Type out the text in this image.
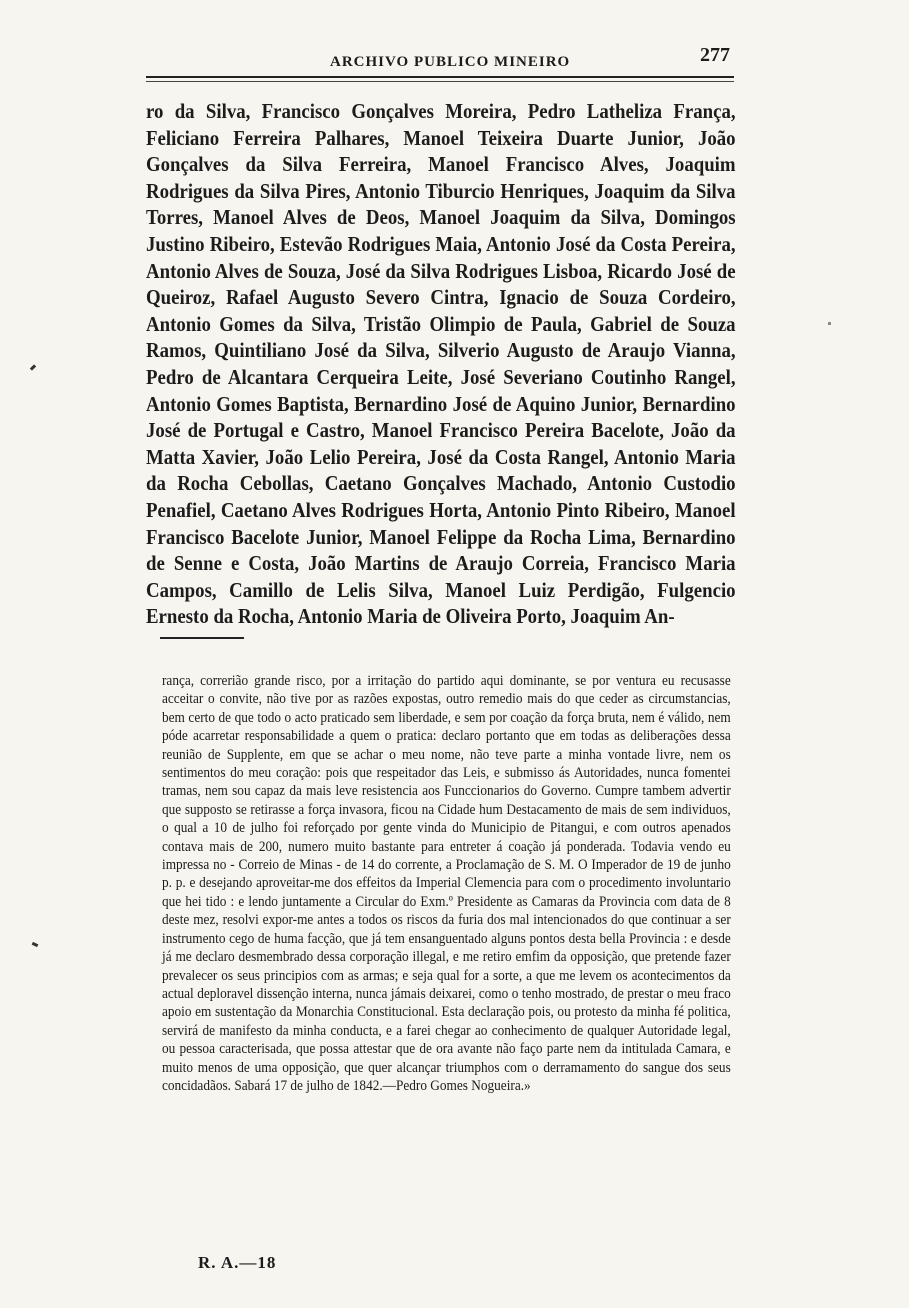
ARCHIVO PUBLICO MINEIRO	277
ro da Silva, Francisco Gonçalves Moreira, Pedro Latheliza França, Feliciano Ferreira Palhares, Manoel Teixeira Duarte Junior, João Gonçalves da Silva Ferreira, Manoel Francisco Alves, Joaquim Rodrigues da Silva Pires, Antonio Tiburcio Henriques, Joaquim da Silva Torres, Manoel Alves de Deos, Manoel Joaquim da Silva, Domingos Justino Ribeiro, Estevão Rodrigues Maia, Antonio José da Costa Pereira, Antonio Alves de Souza, José da Silva Rodrigues Lisboa, Ricardo José de Queiroz, Rafael Augusto Severo Cintra, Ignacio de Souza Cordeiro, Antonio Gomes da Silva, Tristão Olimpio de Paula, Gabriel de Souza Ramos, Quintiliano José da Silva, Silverio Augusto de Araujo Vianna, Pedro de Alcantara Cerqueira Leite, José Severiano Coutinho Rangel, Antonio Gomes Baptista, Bernardino José de Aquino Junior, Bernardino José de Portugal e Castro, Manoel Francisco Pereira Bacelote, João da Matta Xavier, João Lelio Pereira, José da Costa Rangel, Antonio Maria da Rocha Cebollas, Caetano Gonçalves Machado, Antonio Custodio Penafiel, Caetano Alves Rodrigues Horta, Antonio Pinto Ribeiro, Manoel Francisco Bacelote Junior, Manoel Felippe da Rocha Lima, Bernardino de Senne e Costa, João Martins de Araujo Correia, Francisco Maria Campos, Camillo de Lelis Silva, Manoel Luiz Perdigão, Fulgencio Ernesto da Rocha, Antonio Maria de Oliveira Porto, Joaquim An-
rança, correrião grande risco, por a irritação do partido aqui dominante, se por ventura eu recusasse acceitar o convite, não tive por as razões expostas, outro remedio mais do que ceder as circumstancias, bem certo de que todo o acto praticado sem liberdade, e sem por coação da força bruta, nem é válido, nem póde acarretar responsabilidade a quem o pratica: declaro portanto que em todas as deliberações dessa reunião de Supplente, em que se achar o meu nome, não teve parte a minha vontade livre, nem os sentimentos do meu coração: pois que respeitador das Leis, e submisso ás Autoridades, nunca fomentei tramas, nem sou capaz da mais leve resistencia aos Funccionarios do Governo. Cumpre tambem advertir que supposto se retirasse a força invasora, ficou na Cidade hum Destacamento de mais de sem individuos, o qual a 10 de julho foi reforçado por gente vinda do Municipio de Pitangui, e com outros apenados contava mais de 200, numero muito bastante para entreter á coação já ponderada. Todavia vendo eu impressa no - Correio de Minas - de 14 do corrente, a Proclamação de S. M. O Imperador de 19 de junho p. p. e desejando aproveitar-me dos effeitos da Imperial Clemencia para com o procedimento involuntario que hei tido : e lendo juntamente a Circular do Exm.º Presidente as Camaras da Provincia com data de 8 deste mez, resolvi expor-me antes a todos os riscos da furia dos mal intencionados do que continuar a ser instrumento cego de huma facção, que já tem ensanguentado alguns pontos desta bella Provincia : e desde já me declaro desmembrado dessa corporação illegal, e me retiro emfim da opposição, que pretende fazer prevalecer os seus principios com as armas; e seja qual for a sorte, a que me levem os acontecimentos da actual deploravel dissenção interna, nunca jámais deixarei, como o tenho mostrado, de prestar o meu fraco apoio em sustentação da Monarchia Constitucional. Esta declaração pois, ou protesto da minha fé politica, servirá de manifesto da minha conducta, e a farei chegar ao conhecimento de qualquer Autoridade legal, ou pessoa caracterisada, que possa attestar que de ora avante não faço parte nem da intitulada Camara, e muito menos de uma opposição, que quer alcançar triumphos com o derramamento do sangue dos seus concidadãos. Sabará 17 de julho de 1842.—Pedro Gomes Nogueira.»
R. A.—18
